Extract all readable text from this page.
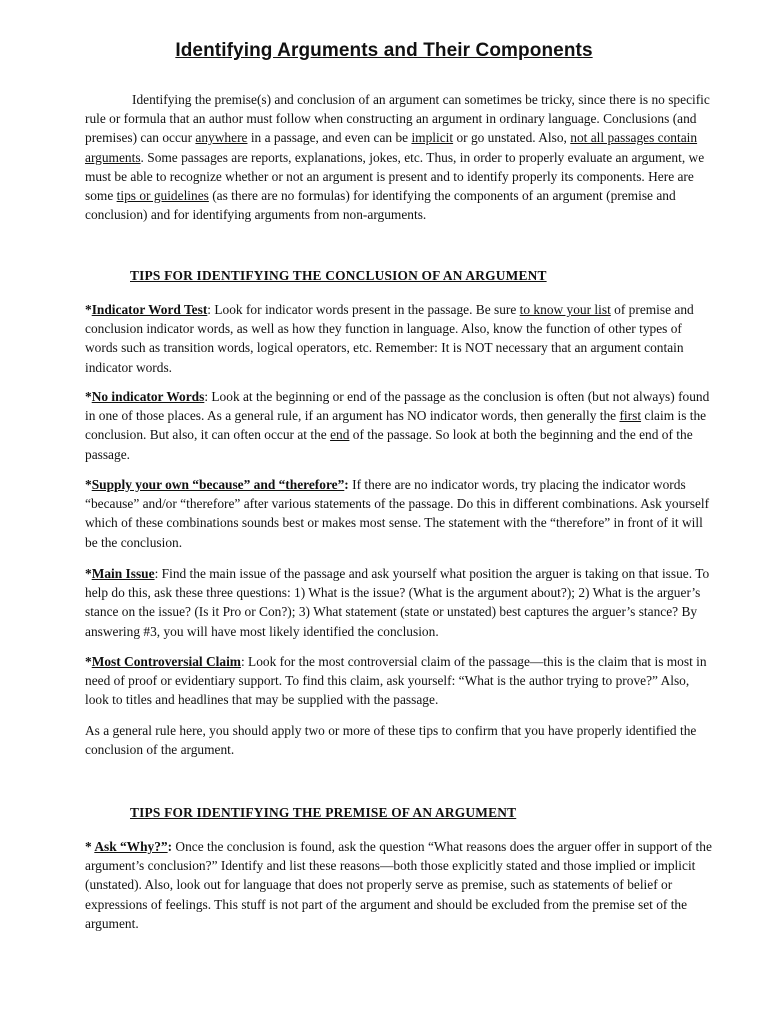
Identifying Arguments and Their Components

Identifying the premise(s) and conclusion of an argument can sometimes be tricky, since there is no specific rule or formula that an author must follow when constructing an argument in ordinary language. Conclusions (and premises) can occur anywhere in a passage, and even can be implicit or go unstated. Also, not all passages contain arguments. Some passages are reports, explanations, jokes, etc. Thus, in order to properly evaluate an argument, we must be able to recognize whether or not an argument is present and to identify properly its components. Here are some tips or guidelines (as there are no formulas) for identifying the components of an argument (premise and conclusion) and for identifying arguments from non-arguments.

TIPS FOR IDENTIFYING THE CONCLUSION OF AN ARGUMENT

*Indicator Word Test: Look for indicator words present in the passage. Be sure to know your list of premise and conclusion indicator words, as well as how they function in language. Also, know the function of other types of words such as transition words, logical operators, etc. Remember: It is NOT necessary that an argument contain indicator words.

*No indicator Words: Look at the beginning or end of the passage as the conclusion is often (but not always) found in one of those places. As a general rule, if an argument has NO indicator words, then generally the first claim is the conclusion. But also, it can often occur at the end of the passage. So look at both the beginning and the end of the passage.

*Supply your own “because” and “therefore”: If there are no indicator words, try placing the indicator words “because” and/or “therefore” after various statements of the passage. Do this in different combinations. Ask yourself which of these combinations sounds best or makes most sense. The statement with the “therefore” in front of it will be the conclusion.

*Main Issue: Find the main issue of the passage and ask yourself what position the arguer is taking on that issue. To help do this, ask these three questions: 1) What is the issue? (What is the argument about?); 2) What is the arguer’s stance on the issue? (Is it Pro or Con?); 3) What statement (state or unstated) best captures the arguer’s stance? By answering #3, you will have most likely identified the conclusion.

*Most Controversial Claim: Look for the most controversial claim of the passage—this is the claim that is most in need of proof or evidentiary support. To find this claim, ask yourself: “What is the author trying to prove?” Also, look to titles and headlines that may be supplied with the passage.

As a general rule here, you should apply two or more of these tips to confirm that you have properly identified the conclusion of the argument.

TIPS FOR IDENTIFYING THE PREMISE OF AN ARGUMENT

* Ask “Why?”: Once the conclusion is found, ask the question “What reasons does the arguer offer in support of the argument’s conclusion?” Identify and list these reasons—both those explicitly stated and those implied or implicit (unstated). Also, look out for language that does not properly serve as premise, such as statements of belief or expressions of feelings. This stuff is not part of the argument and should be excluded from the premise set of the argument.
